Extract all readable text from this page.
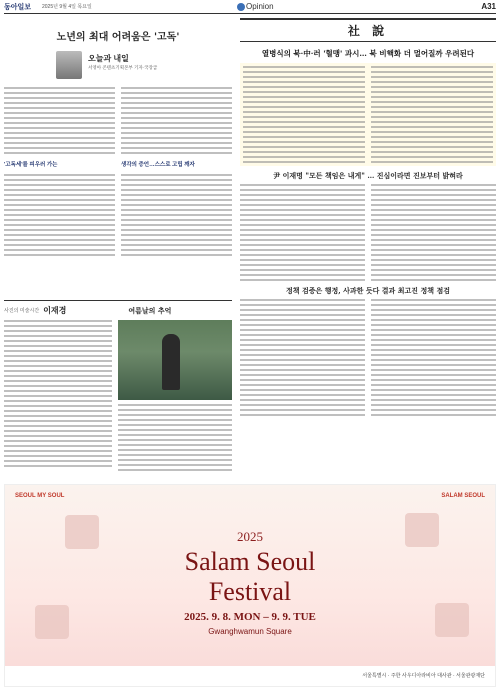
동아일보 2025년 9월 4일 목요일	Opinion	A31
노년의 최대 어려움은 '고독'
오늘과 내일
서영아 콘텐츠기획본부 기자·국장급
'고독세'를 피우러 가는	생각의 증언…스스로 고립 깨자
사진의 미술시간 이재경	여름날의 추억
社 說
열병식의 북·中·러 '혈맹' 과시… 북 비핵화 더 멀어질까 우려된다
尹 이재명 "모든 책임은 내게" … 진심이라면 진보부터 밝혀라
정책 검증은 행정, 사과한 듯다 결과 최고진 정책 점검
SEOUL MY SOUL	SALAM SEOUL
2025
Salam Seoul
Festival
2025. 9. 8. MON – 9. 9. TUE
Gwanghwamun Square
서울특별시 · 주한 사우디아라비아 대사관 · 서울관광재단
